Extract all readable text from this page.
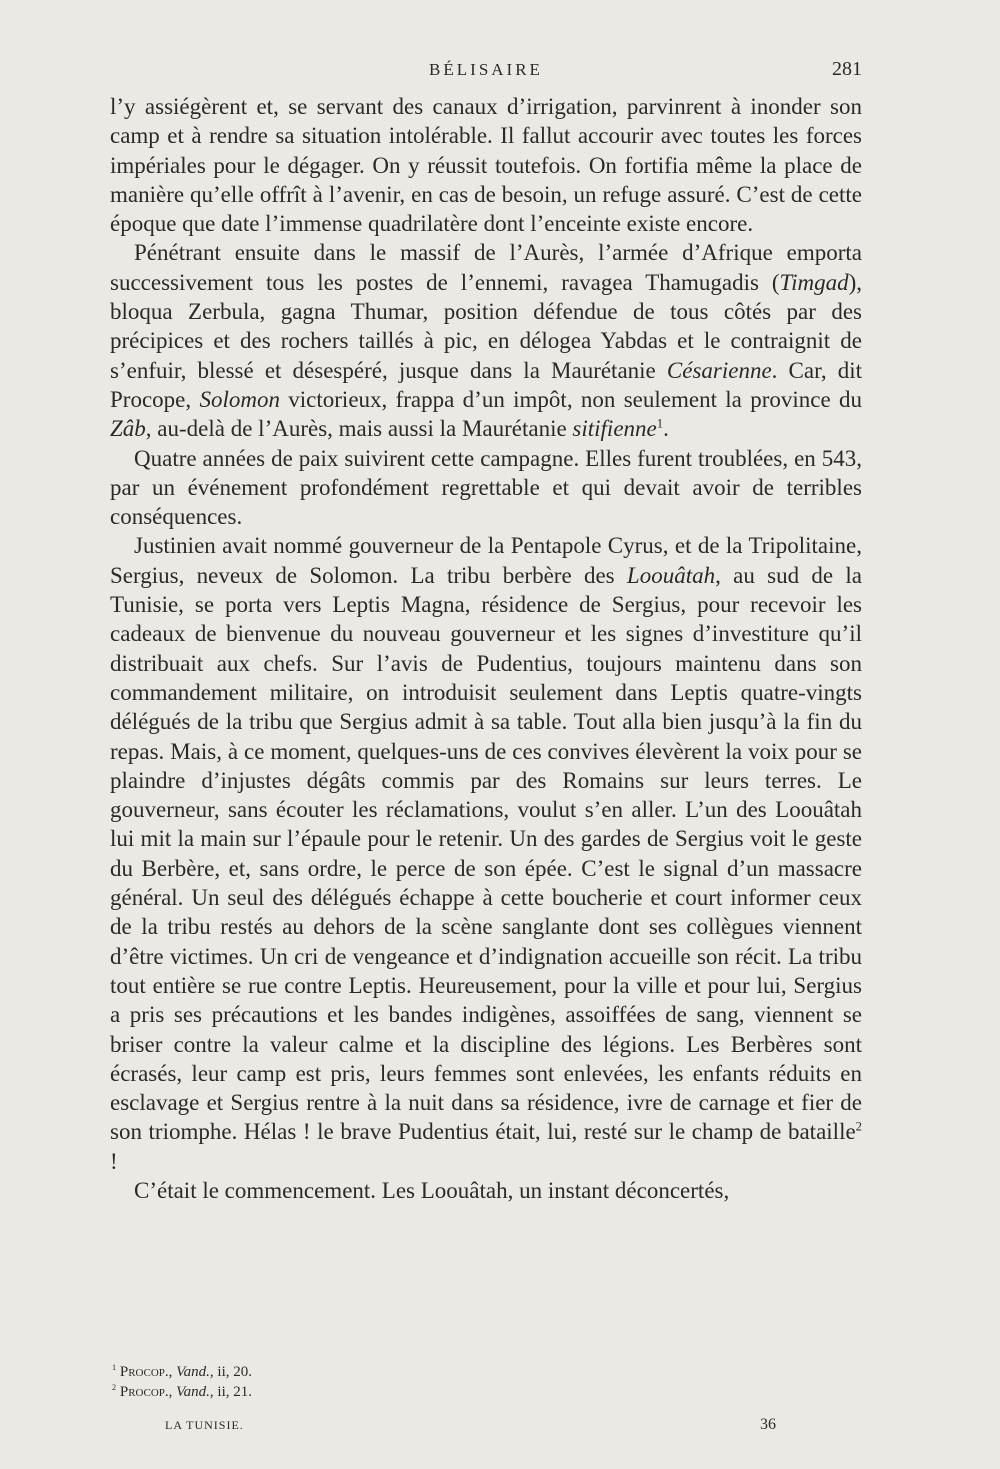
BÉLISAIRE	281

l’y assiégèrent et, se servant des canaux d’irrigation, parvinrent à inonder son camp et à rendre sa situation intolérable. Il fallut accourir avec toutes les forces impériales pour le dégager. On y réussit toutefois. On fortifia même la place de manière qu’elle offrît à l’avenir, en cas de besoin, un refuge assuré. C’est de cette époque que date l’immense quadrilatère dont l’enceinte existe encore.

Pénétrant ensuite dans le massif de l’Aurès, l’armée d’Afrique emporta successivement tous les postes de l’ennemi, ravagea Thamugadis (Timgad), bloqua Zerbula, gagna Thumar, position défendue de tous côtés par des précipices et des rochers taillés à pic, en délogea Yabdas et le contraignit de s’enfuir, blessé et désespéré, jusque dans la Maurétanie Césarienne. Car, dit Procope, Solomon victorieux, frappa d’un impôt, non seulement la province du Zâb, au-delà de l’Aurès, mais aussi la Maurétanie sitifienne$^1$.

Quatre années de paix suivirent cette campagne. Elles furent troublées, en 543, par un événement profondément regrettable et qui devait avoir de terribles conséquences.

Justinien avait nommé gouverneur de la Pentapole Cyrus, et de la Tripolitaine, Sergius, neveux de Solomon. La tribu berbère des Loouâtah, au sud de la Tunisie, se porta vers Leptis Magna, résidence de Sergius, pour recevoir les cadeaux de bienvenue du nouveau gouverneur et les signes d’investiture qu’il distribuait aux chefs. Sur l’avis de Pudentius, toujours maintenu dans son commandement militaire, on introduisit seulement dans Leptis quatre-vingts délégués de la tribu que Sergius admit à sa table. Tout alla bien jusqu’à la fin du repas. Mais, à ce moment, quelques-uns de ces convives élevèrent la voix pour se plaindre d’injustes dégâts commis par des Romains sur leurs terres. Le gouverneur, sans écouter les réclamations, voulut s’en aller. L’un des Loouâtah lui mit la main sur l’épaule pour le retenir. Un des gardes de Sergius voit le geste du Berbère, et, sans ordre, le perce de son épée. C’est le signal d’un massacre général. Un seul des délégués échappe à cette boucherie et court informer ceux de la tribu restés au dehors de la scène sanglante dont ses collègues viennent d’être victimes. Un cri de vengeance et d’indignation accueille son récit. La tribu tout entière se rue contre Leptis. Heureusement, pour la ville et pour lui, Sergius a pris ses précautions et les bandes indigènes, assoiffées de sang, viennent se briser contre la valeur calme et la discipline des légions. Les Berbères sont écrasés, leur camp est pris, leurs femmes sont enlevées, les enfants réduits en esclavage et Sergius rentre à la nuit dans sa résidence, ivre de carnage et fier de son triomphe. Hélas ! le brave Pudentius était, lui, resté sur le champ de bataille$^2$ !

C’était le commencement. Les Loouâtah, un instant déconcertés,

$^1$ Procop., Vand., ii, 20.

$^2$ Procop., Vand., ii, 21.

LA TUNISIE.	36
